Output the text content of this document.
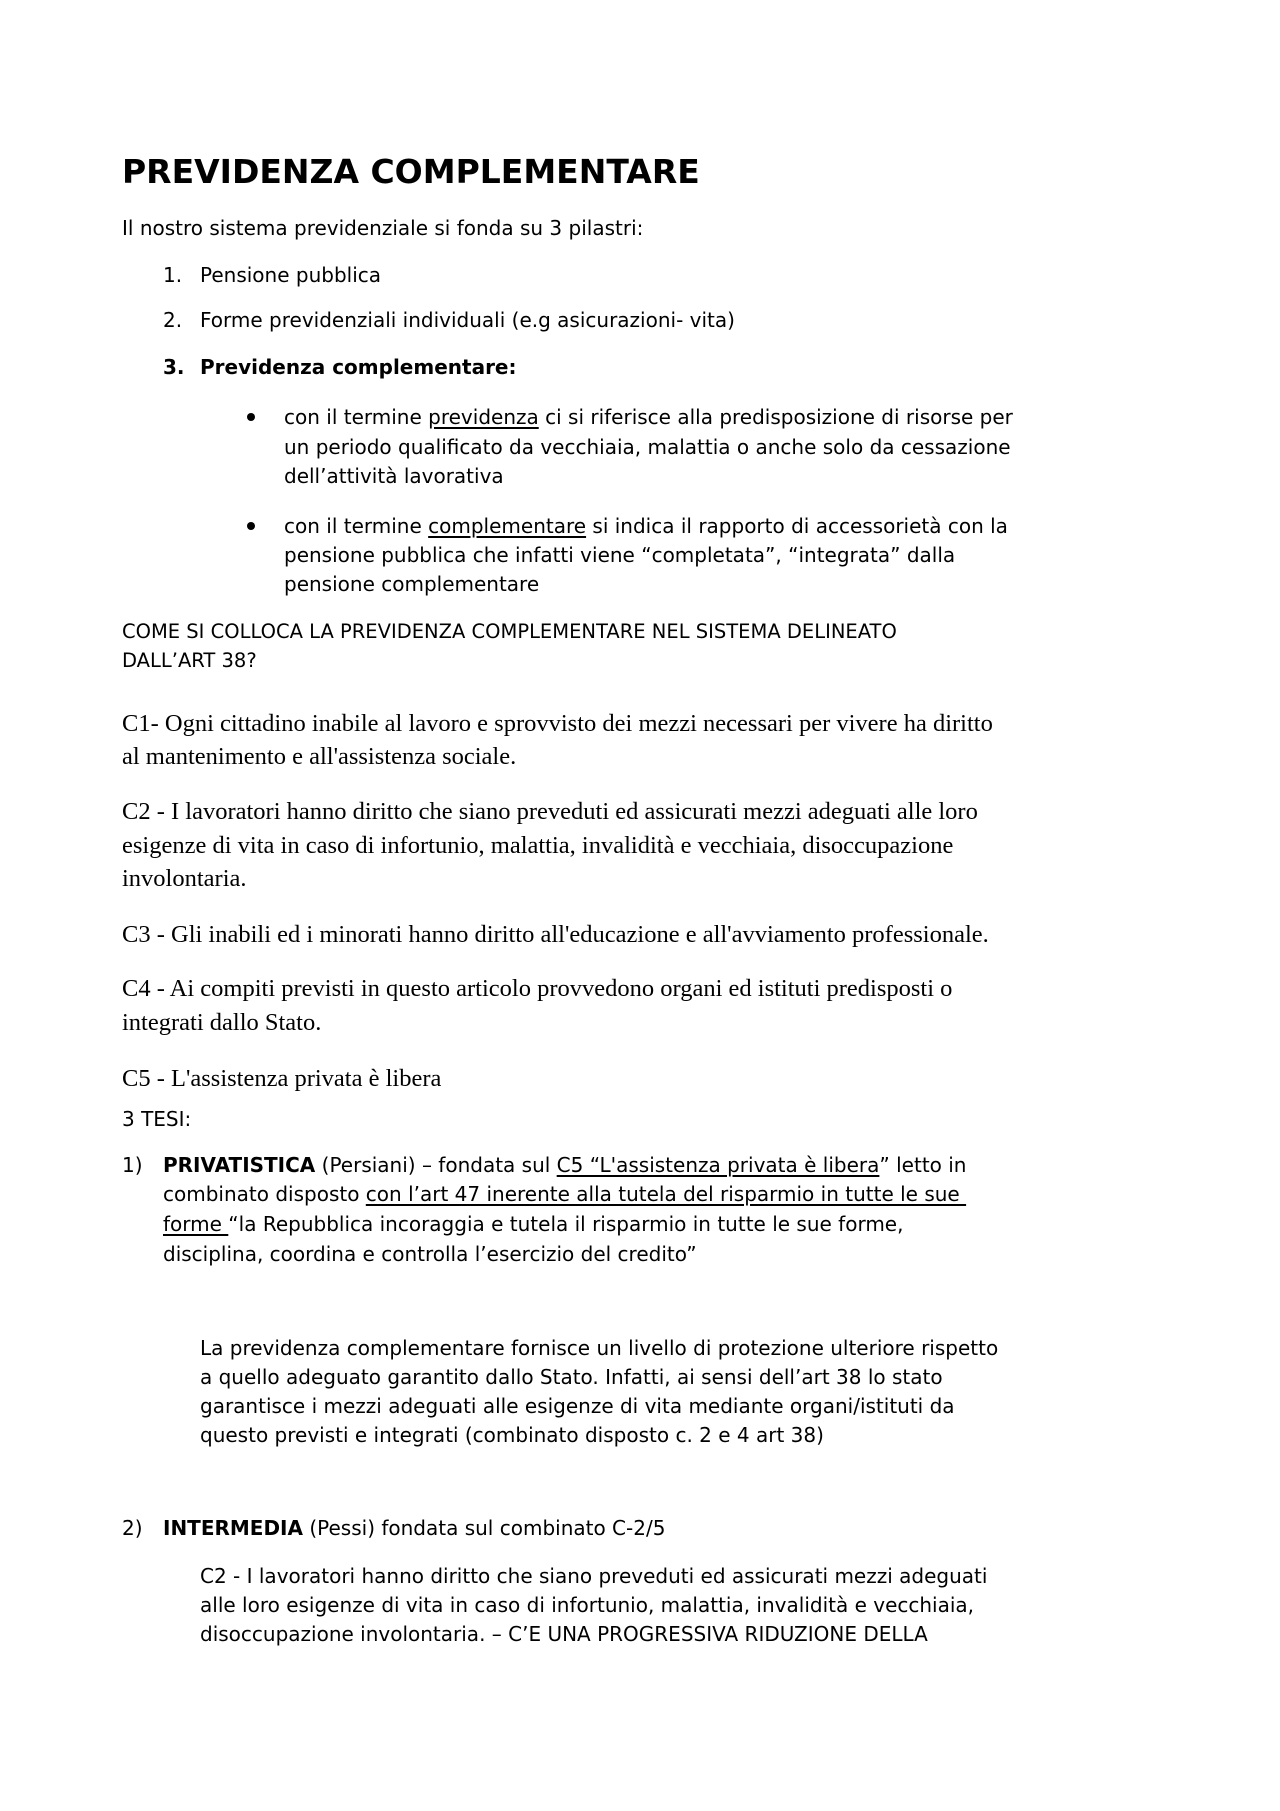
PREVIDENZA COMPLEMENTARE
Il nostro sistema previdenziale si fonda su 3 pilastri:
1. Pensione pubblica
2. Forme previdenziali individuali (e.g asicurazioni- vita)
3. Previdenza complementare:
con il termine previdenza ci si riferisce alla predisposizione di risorse per
un periodo qualificato da vecchiaia, malattia o anche solo da cessazione
dell’attività lavorativa
con il termine complementare si indica il rapporto di accessorietà con la
pensione pubblica che infatti viene “completata”, “integrata” dalla
pensione complementare
COME SI COLLOCA LA PREVIDENZA COMPLEMENTARE NEL SISTEMA DELINEATO
DALL’ART 38?
C1- Ogni cittadino inabile al lavoro e sprovvisto dei mezzi necessari per vivere ha diritto
al mantenimento e all'assistenza sociale.
C2 - I lavoratori hanno diritto che siano preveduti ed assicurati mezzi adeguati alle loro
esigenze di vita in caso di infortunio, malattia, invalidità e vecchiaia, disoccupazione
involontaria.
C3 - Gli inabili ed i minorati hanno diritto all'educazione e all'avviamento professionale.
C4 - Ai compiti previsti in questo articolo provvedono organi ed istituti predisposti o
integrati dallo Stato.
C5 - L'assistenza privata è libera
3 TESI:
1) PRIVATISTICA (Persiani) – fondata sul C5 “L'assistenza privata è libera” letto in
combinato disposto con l’art 47 inerente alla tutela del risparmio in tutte le sue
forme “la Repubblica incoraggia e tutela il risparmio in tutte le sue forme,
disciplina, coordina e controlla l’esercizio del credito”
La previdenza complementare fornisce un livello di protezione ulteriore rispetto
a quello adeguato garantito dallo Stato. Infatti, ai sensi dell’art 38 lo stato
garantisce i mezzi adeguati alle esigenze di vita mediante organi/istituti da
questo previsti e integrati (combinato disposto c. 2 e 4 art 38)
2) INTERMEDIA (Pessi) fondata sul combinato C-2/5
C2 - I lavoratori hanno diritto che siano preveduti ed assicurati mezzi adeguati
alle loro esigenze di vita in caso di infortunio, malattia, invalidità e vecchiaia,
disoccupazione involontaria. – C’E UNA PROGRESSIVA RIDUZIONE DELLA
